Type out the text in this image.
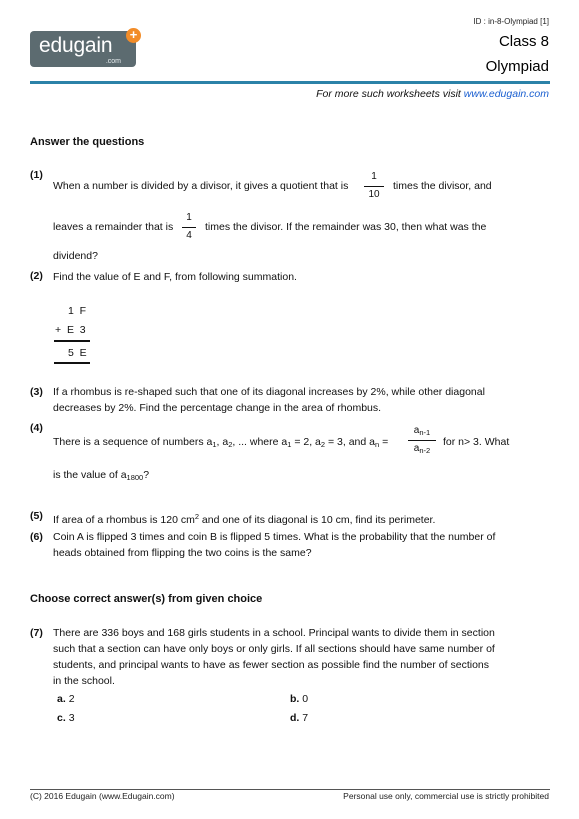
ID : in-8-Olympiad [1]
edugain
.com
+	Class 8
Olympiad
For more such worksheets visit www.edugain.com
Answer the questions
(1)
When a number is divided by a divisor, it gives a quotient that is
1
10
times the divisor, and
leaves a remainder that is
1
4
times the divisor. If the remainder was 30, then what was the
dividend?
(2) Find the value of E and F, from following summation.
1  F
+  E  3
5  E
(3) If a rhombus is re-shaped such that one of its diagonal increases by 2%, while other diagonal
decreases by 2%. Find the percentage change in the area of rhombus.
(4)
There is a sequence of numbers $a_1$, $a_2$, ... where $a_1 = 2$, $a_2 = 3$, and $a_n$ =
$a_{n-1}$
$a_{n-2}$
for n> 3. What
is the value of $a_{1800}$?
(5) If area of a rhombus is 120 $cm^2$ and one of its diagonal is 10 cm, find its perimeter.
(6) Coin A is flipped 3 times and coin B is flipped 5 times. What is the probability that the number of
heads obtained from flipping the two coins is the same?
Choose correct answer(s) from given choice
(7) There are 336 boys and 168 girls students in a school. Principal wants to divide them in section
such that a section can have only boys or only girls. If all sections should have same number of
students, and principal wants to have as fewer section as possible find the number of sections
in the school.
a. 2	b. 0
c. 3	d. 7
(C) 2016 Edugain (www.Edugain.com)	Personal use only, commercial use is strictly prohibited
